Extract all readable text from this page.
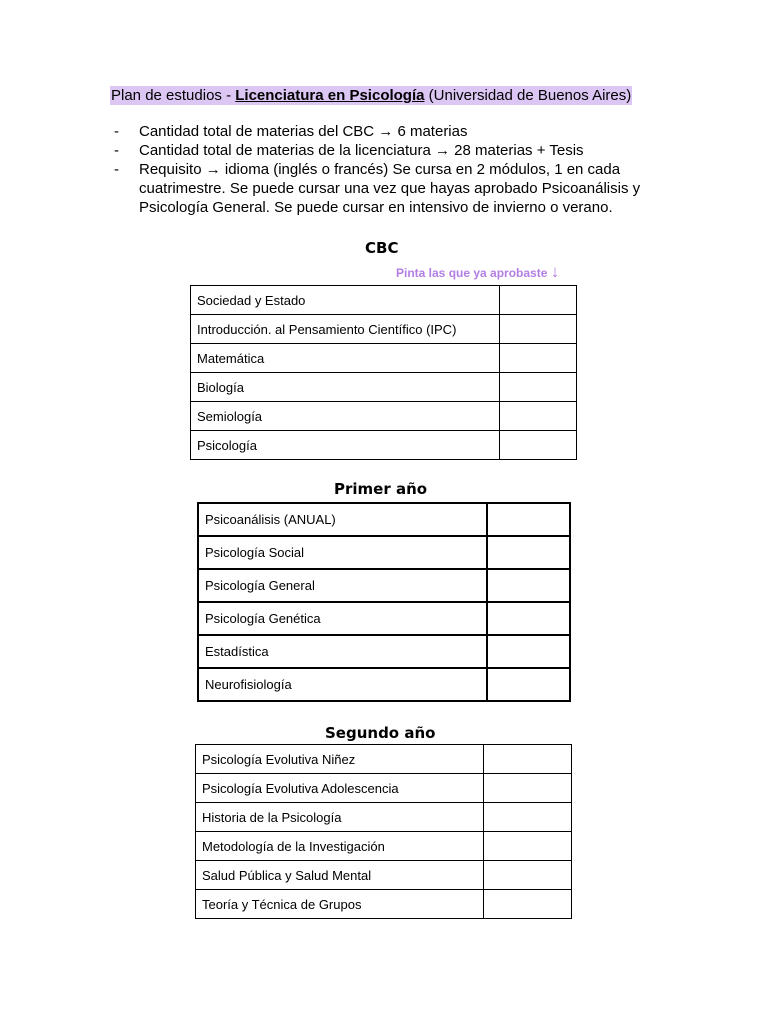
Plan de estudios - Licenciatura en Psicología (Universidad de Buenos Aires)
- Cantidad total de materias del CBC → 6 materias
- Cantidad total de materias de la licenciatura → 28 materias + Tesis
- Requisito → idioma (inglés o francés) Se cursa en 2 módulos, 1 en cada cuatrimestre. Se puede cursar una vez que hayas aprobado Psicoanálisis y Psicología General. Se puede cursar en intensivo de invierno o verano.
CBC
Pinta las que ya aprobaste ↓
Sociedad y Estado	
Introducción. al Pensamiento Científico (IPC)	
Matemática	
Biología	
Semiología	
Psicología	
Primer año
Psicoanálisis (ANUAL)	
Psicología Social	
Psicología General	
Psicología Genética	
Estadística	
Neurofisiología	
Segundo año
Psicología Evolutiva Niñez	
Psicología Evolutiva Adolescencia	
Historia de la Psicología	
Metodología de la Investigación	
Salud Pública y Salud Mental	
Teoría y Técnica de Grupos	
